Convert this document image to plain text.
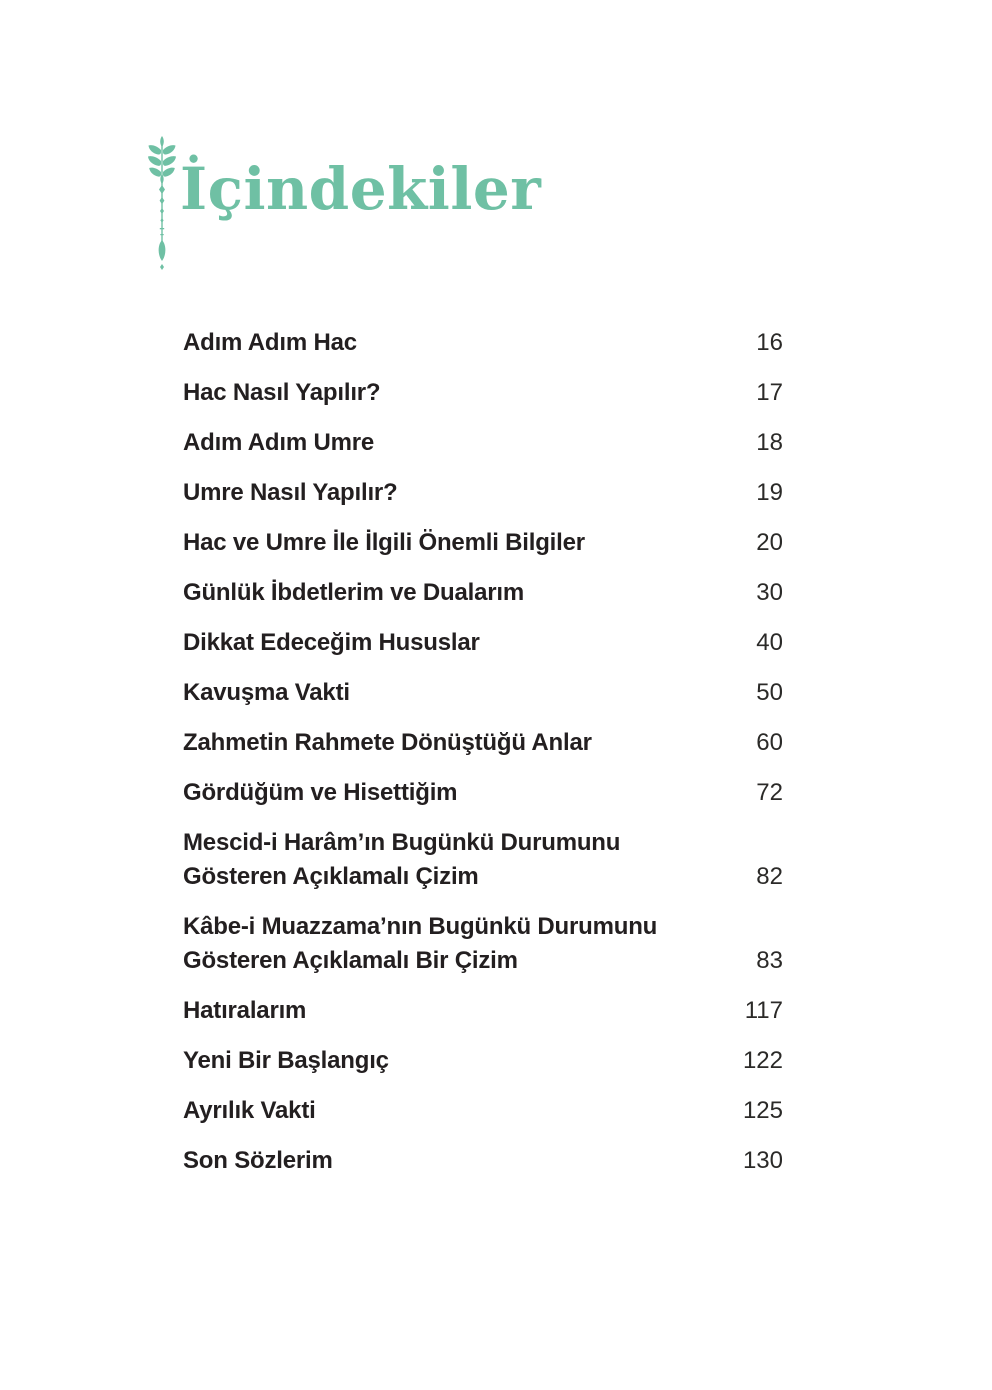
İçindekiler
Adım Adım Hac	16
Hac Nasıl Yapılır?	17
Adım Adım Umre	18
Umre Nasıl Yapılır?	19
Hac ve Umre İle İlgili Önemli Bilgiler	20
Günlük İbdetlerim ve Dualarım	30
Dikkat Edeceğim Hususlar	40
Kavuşma Vakti	50
Zahmetin Rahmete Dönüştüğü Anlar	60
Gördüğüm ve Hisettiğim	72
Mescid-i Harâm’ın Bugünkü Durumunu
Gösteren Açıklamalı Çizim	82
Kâbe-i Muazzama’nın Bugünkü Durumunu
Gösteren Açıklamalı Bir Çizim	83
Hatıralarım	117
Yeni Bir Başlangıç	122
Ayrılık Vakti	125
Son Sözlerim	130
